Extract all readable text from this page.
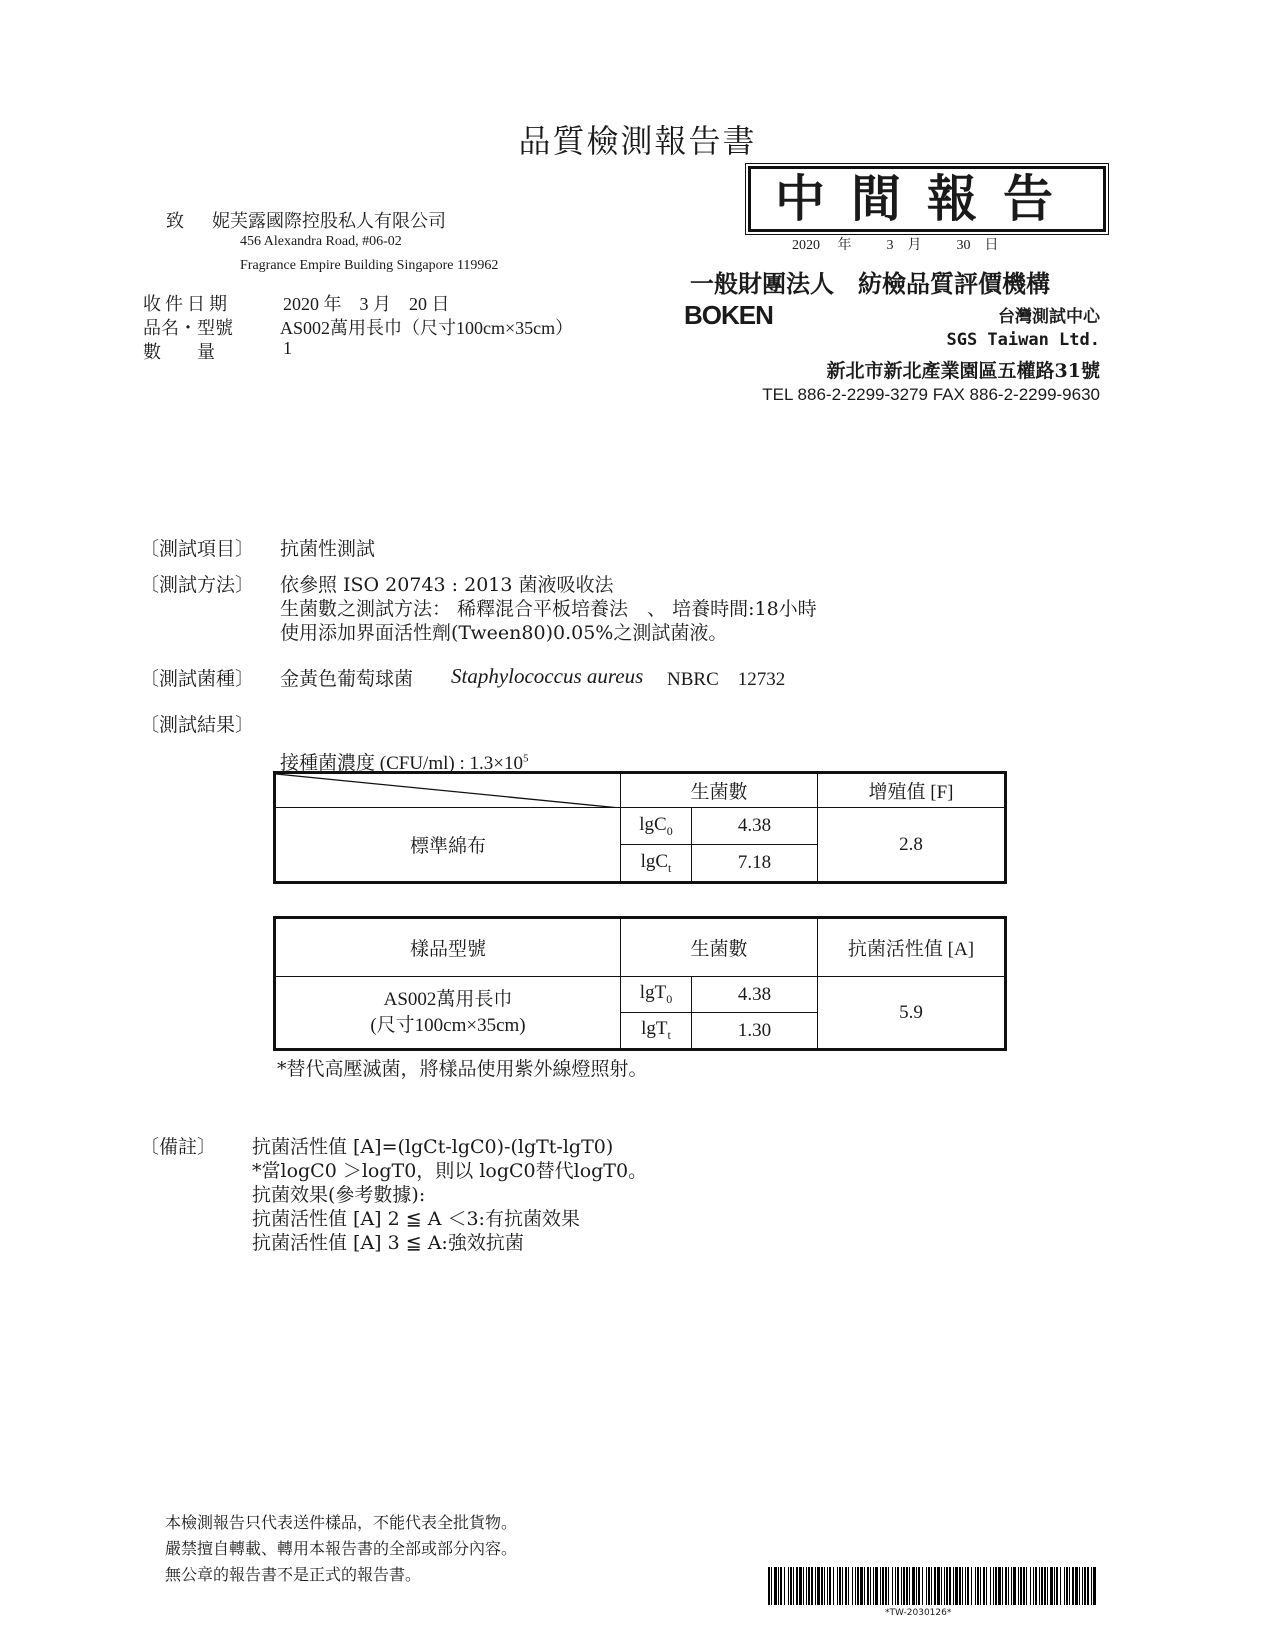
品質檢測報告書
中間報告
2020 年	3 月	30 日
致 妮芙露國際控股私人有限公司
456 Alexandra Road, #06-02
Fragrance Empire Building Singapore 119962
收件日期	2020 年　3 月　20 日
品名・型號	AS002萬用長巾（尺寸100cm×35cm）
數　　量	1
一般財團法人　紡檢品質評價機構
BOKEN	台灣測試中心
SGS Taiwan Ltd.
新北市新北產業園區五權路31號
TEL 886-2-2299-3279 FAX 886-2-2299-9630
〔測試項目〕 抗菌性測試
〔測試方法〕 依參照 ISO 20743 : 2013 菌液吸收法
生菌數之測試方法： 稀釋混合平板培養法　、 培養時間:18小時
使用添加界面活性劑(Tween80)0.05%之測試菌液。
〔測試菌種〕 金黃色葡萄球菌 Staphylococcus aureus NBRC　12732
〔測試結果〕
接種菌濃度 (CFU/ml) : $1.3\times 10^5$
	生菌數		增殖值 [F]
標準綿布	lgC$_0$	4.38	2.8
	lgC$_t$	7.18	
樣品型號	生菌數		抗菌活性值 [A]

AS002萬用長巾
(尺寸100cm×35cm)	lgT$_0$	4.38	5.9
	lgT$_t$	1.30	
*替代高壓滅菌，將樣品使用紫外線燈照射。
〔備註〕 抗菌活性值 [A]=(lgCt-lgC0)-(lgTt-lgT0)
*當logC0 ＞logT0，則以 logC0替代logT0。
抗菌效果(參考數據):
抗菌活性值 [A] 2 ≦ A ＜3:有抗菌效果
抗菌活性值 [A] 3 ≦ A:強效抗菌
本檢測報告只代表送件樣品，不能代表全批貨物。
嚴禁擅自轉載、轉用本報告書的全部或部分內容。
無公章的報告書不是正式的報告書。
*TW-2030126*
